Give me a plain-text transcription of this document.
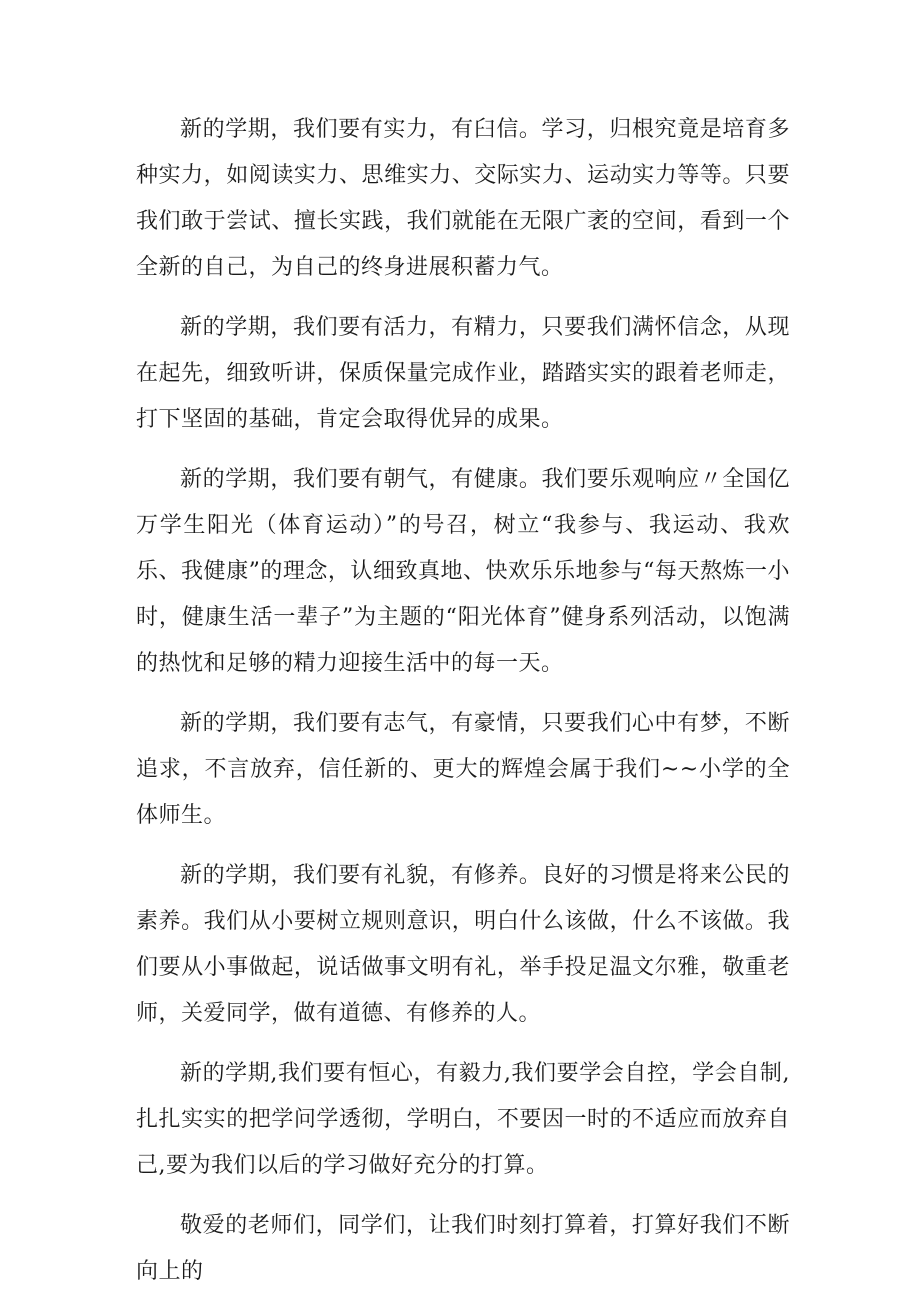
新的学期，我们要有实力，有臼信。学习，归根究竟是培育多种实力，如阅读实力、思维实力、交际实力、运动实力等等。只要我们敢于尝试、擅长实践，我们就能在无限广袤的空间，看到一个全新的自己，为自己的终身进展积蓄力气。

新的学期，我们要有活力，有精力，只要我们满怀信念，从现在起先，细致听讲，保质保量完成作业，踏踏实实的跟着老师走，打下坚固的基础，肯定会取得优异的成果。

新的学期，我们要有朝气，有健康。我们要乐观响应〃全国亿万学生阳光（体育运动）”的号召，树立“我参与、我运动、我欢乐、我健康”的理念，认细致真地、快欢乐乐地参与“每天熬炼一小时，健康生活一辈子”为主题的“阳光体育”健身系列活动，以饱满的热忱和足够的精力迎接生活中的每一天。

新的学期，我们要有志气，有豪情，只要我们心中有梦，不断追求，不言放弃，信任新的、更大的辉煌会属于我们~~小学的全体师生。

新的学期，我们要有礼貌，有修养。良好的习惯是将来公民的素养。我们从小要树立规则意识，明白什么该做，什么不该做。我们要从小事做起，说话做事文明有礼，举手投足温文尔雅，敬重老师，关爱同学，做有道德、有修养的人。

新的学期,我们要有恒心，有毅力,我们要学会自控，学会自制,扎扎实实的把学问学透彻，学明白，不要因一时的不适应而放弃自己,要为我们以后的学习做好充分的打算。

敬爱的老师们，同学们，让我们时刻打算着，打算好我们不断向上的
